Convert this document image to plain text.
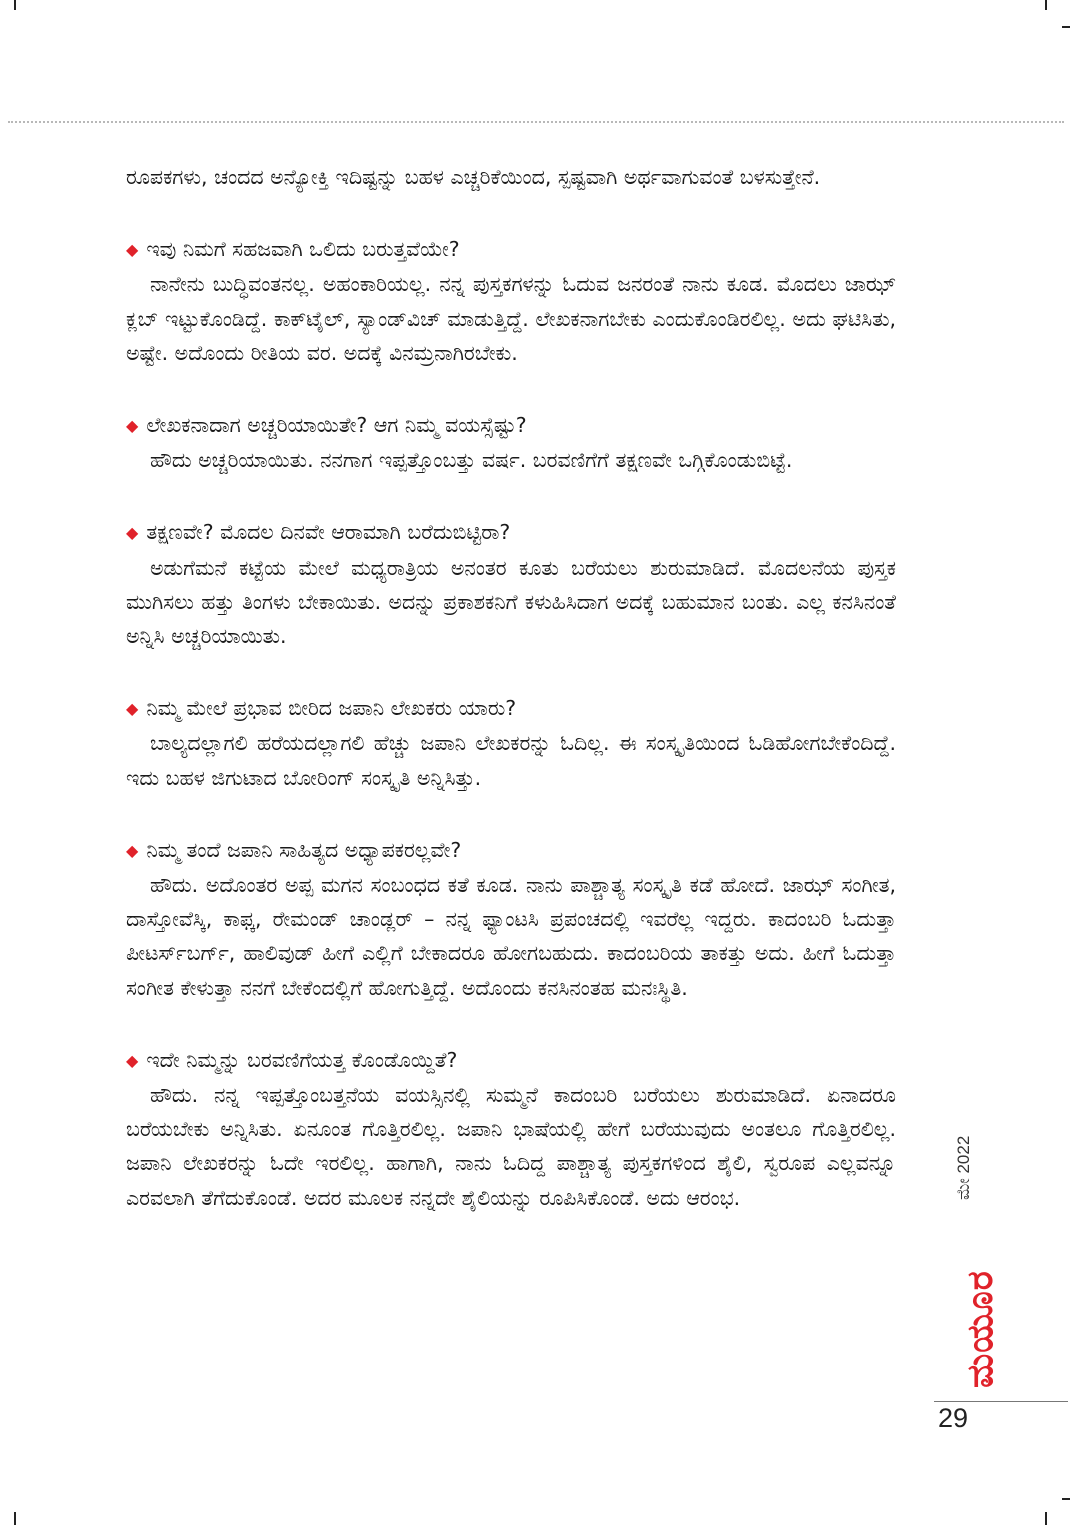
ರೂಪಕಗಳು, ಚಂದದ ಅನ್ಯೋಕ್ತಿ ಇದಿಷ್ಟನ್ನು ಬಹಳ ಎಚ್ಚರಿಕೆಯಿಂದ, ಸ್ಪಷ್ಟವಾಗಿ ಅರ್ಥವಾಗುವಂತೆ ಬಳಸುತ್ತೇನೆ.

◆ ಇವು ನಿಮಗೆ ಸಹಜವಾಗಿ ಒಲಿದು ಬರುತ್ತವೆಯೇ?

ನಾನೇನು ಬುದ್ಧಿವಂತನಲ್ಲ. ಅಹಂಕಾರಿಯಲ್ಲ. ನನ್ನ ಪುಸ್ತಕಗಳನ್ನು ಓದುವ ಜನರಂತೆ ನಾನು ಕೂಡ. ಮೊದಲು ಜಾಝ್ ಕ್ಲಬ್ ಇಟ್ಟುಕೊಂಡಿದ್ದೆ. ಕಾಕ್‌ಟೈಲ್, ಸ್ಯಾಂಡ್‌ವಿಚ್ ಮಾಡುತ್ತಿದ್ದೆ. ಲೇಖಕನಾಗಬೇಕು ಎಂದುಕೊಂಡಿರಲಿಲ್ಲ. ಅದು ಘಟಿಸಿತು, ಅಷ್ಟೇ. ಅದೊಂದು ರೀತಿಯ ವರ. ಅದಕ್ಕೆ ವಿನಮ್ರನಾಗಿರಬೇಕು.

◆ ಲೇಖಕನಾದಾಗ ಅಚ್ಚರಿಯಾಯಿತೇ? ಆಗ ನಿಮ್ಮ ವಯಸ್ಸೆಷ್ಟು?

ಹೌದು ಅಚ್ಚರಿಯಾಯಿತು. ನನಗಾಗ ಇಪ್ಪತ್ತೊಂಬತ್ತು ವರ್ಷ. ಬರವಣಿಗೆಗೆ ತಕ್ಷಣವೇ ಒಗ್ಗಿಕೊಂಡುಬಿಟ್ಟೆ.

◆ ತಕ್ಷಣವೇ? ಮೊದಲ ದಿನವೇ ಆರಾಮಾಗಿ ಬರೆದುಬಿಟ್ಟಿರಾ?

ಅಡುಗೆಮನೆ ಕಟ್ಟೆಯ ಮೇಲೆ ಮಧ್ಯರಾತ್ರಿಯ ಅನಂತರ ಕೂತು ಬರೆಯಲು ಶುರುಮಾಡಿದೆ. ಮೊದಲನೆಯ ಪುಸ್ತಕ ಮುಗಿಸಲು ಹತ್ತು ತಿಂಗಳು ಬೇಕಾಯಿತು. ಅದನ್ನು ಪ್ರಕಾಶಕನಿಗೆ ಕಳುಹಿಸಿದಾಗ ಅದಕ್ಕೆ ಬಹುಮಾನ ಬಂತು. ಎಲ್ಲ ಕನಸಿನಂತೆ ಅನ್ನಿಸಿ ಅಚ್ಚರಿಯಾಯಿತು.

◆ ನಿಮ್ಮ ಮೇಲೆ ಪ್ರಭಾವ ಬೀರಿದ ಜಪಾನಿ ಲೇಖಕರು ಯಾರು?

ಬಾಲ್ಯದಲ್ಲಾಗಲಿ ಹರೆಯದಲ್ಲಾಗಲಿ ಹೆಚ್ಚು ಜಪಾನಿ ಲೇಖಕರನ್ನು ಓದಿಲ್ಲ. ಈ ಸಂಸ್ಕೃತಿಯಿಂದ ಓಡಿಹೋಗಬೇಕೆಂದಿದ್ದೆ. ಇದು ಬಹಳ ಜಿಗುಟಾದ ಬೋರಿಂಗ್ ಸಂಸ್ಕೃತಿ ಅನ್ನಿಸಿತ್ತು.

◆ ನಿಮ್ಮ ತಂದೆ ಜಪಾನಿ ಸಾಹಿತ್ಯದ ಅಧ್ಯಾಪಕರಲ್ಲವೇ?

ಹೌದು. ಅದೊಂತರ ಅಪ್ಪ ಮಗನ ಸಂಬಂಧದ ಕತೆ ಕೂಡ. ನಾನು ಪಾಶ್ಚಾತ್ಯ ಸಂಸ್ಕೃತಿ ಕಡೆ ಹೋದೆ. ಜಾಝ್ ಸಂಗೀತ, ದಾಸ್ತೋವೆಸ್ಕಿ, ಕಾಫ್ಕ, ರೇಮಂಡ್ ಚಾಂಡ್ಲರ್ – ನನ್ನ ಫ್ಯಾಂಟಸಿ ಪ್ರಪಂಚದಲ್ಲಿ ಇವರೆಲ್ಲ ಇದ್ದರು. ಕಾದಂಬರಿ ಓದುತ್ತಾ ಪೀಟರ್ಸ್‌ಬರ್ಗ್, ಹಾಲಿವುಡ್ ಹೀಗೆ ಎಲ್ಲಿಗೆ ಬೇಕಾದರೂ ಹೋಗಬಹುದು. ಕಾದಂಬರಿಯ ತಾಕತ್ತು ಅದು. ಹೀಗೆ ಓದುತ್ತಾ ಸಂಗೀತ ಕೇಳುತ್ತಾ ನನಗೆ ಬೇಕೆಂದಲ್ಲಿಗೆ ಹೋಗುತ್ತಿದ್ದೆ. ಅದೊಂದು ಕನಸಿನಂತಹ ಮನಃಸ್ಥಿತಿ.

◆ ಇದೇ ನಿಮ್ಮನ್ನು ಬರವಣಿಗೆಯತ್ತ ಕೊಂಡೊಯ್ದಿತೆ?

ಹೌದು. ನನ್ನ ಇಪ್ಪತ್ತೊಂಬತ್ತನೆಯ ವಯಸ್ಸಿನಲ್ಲಿ ಸುಮ್ಮನೆ ಕಾದಂಬರಿ ಬರೆಯಲು ಶುರುಮಾಡಿದೆ. ಏನಾದರೂ ಬರೆಯಬೇಕು ಅನ್ನಿಸಿತು. ಏನೂಂತ ಗೊತ್ತಿರಲಿಲ್ಲ. ಜಪಾನಿ ಭಾಷೆಯಲ್ಲಿ ಹೇಗೆ ಬರೆಯುವುದು ಅಂತಲೂ ಗೊತ್ತಿರಲಿಲ್ಲ. ಜಪಾನಿ ಲೇಖಕರನ್ನು ಓದೇ ಇರಲಿಲ್ಲ. ಹಾಗಾಗಿ, ನಾನು ಓದಿದ್ದ ಪಾಶ್ಚಾತ್ಯ ಪುಸ್ತಕಗಳಿಂದ ಶೈಲಿ, ಸ್ವರೂಪ ಎಲ್ಲವನ್ನೂ ಎರವಲಾಗಿ ತೆಗೆದುಕೊಂಡೆ. ಅದರ ಮೂಲಕ ನನ್ನದೇ ಶೈಲಿಯನ್ನು ರೂಪಿಸಿಕೊಂಡೆ. ಅದು ಆರಂಭ.	ಮೇ 2022
ಮಯೂರ
29
